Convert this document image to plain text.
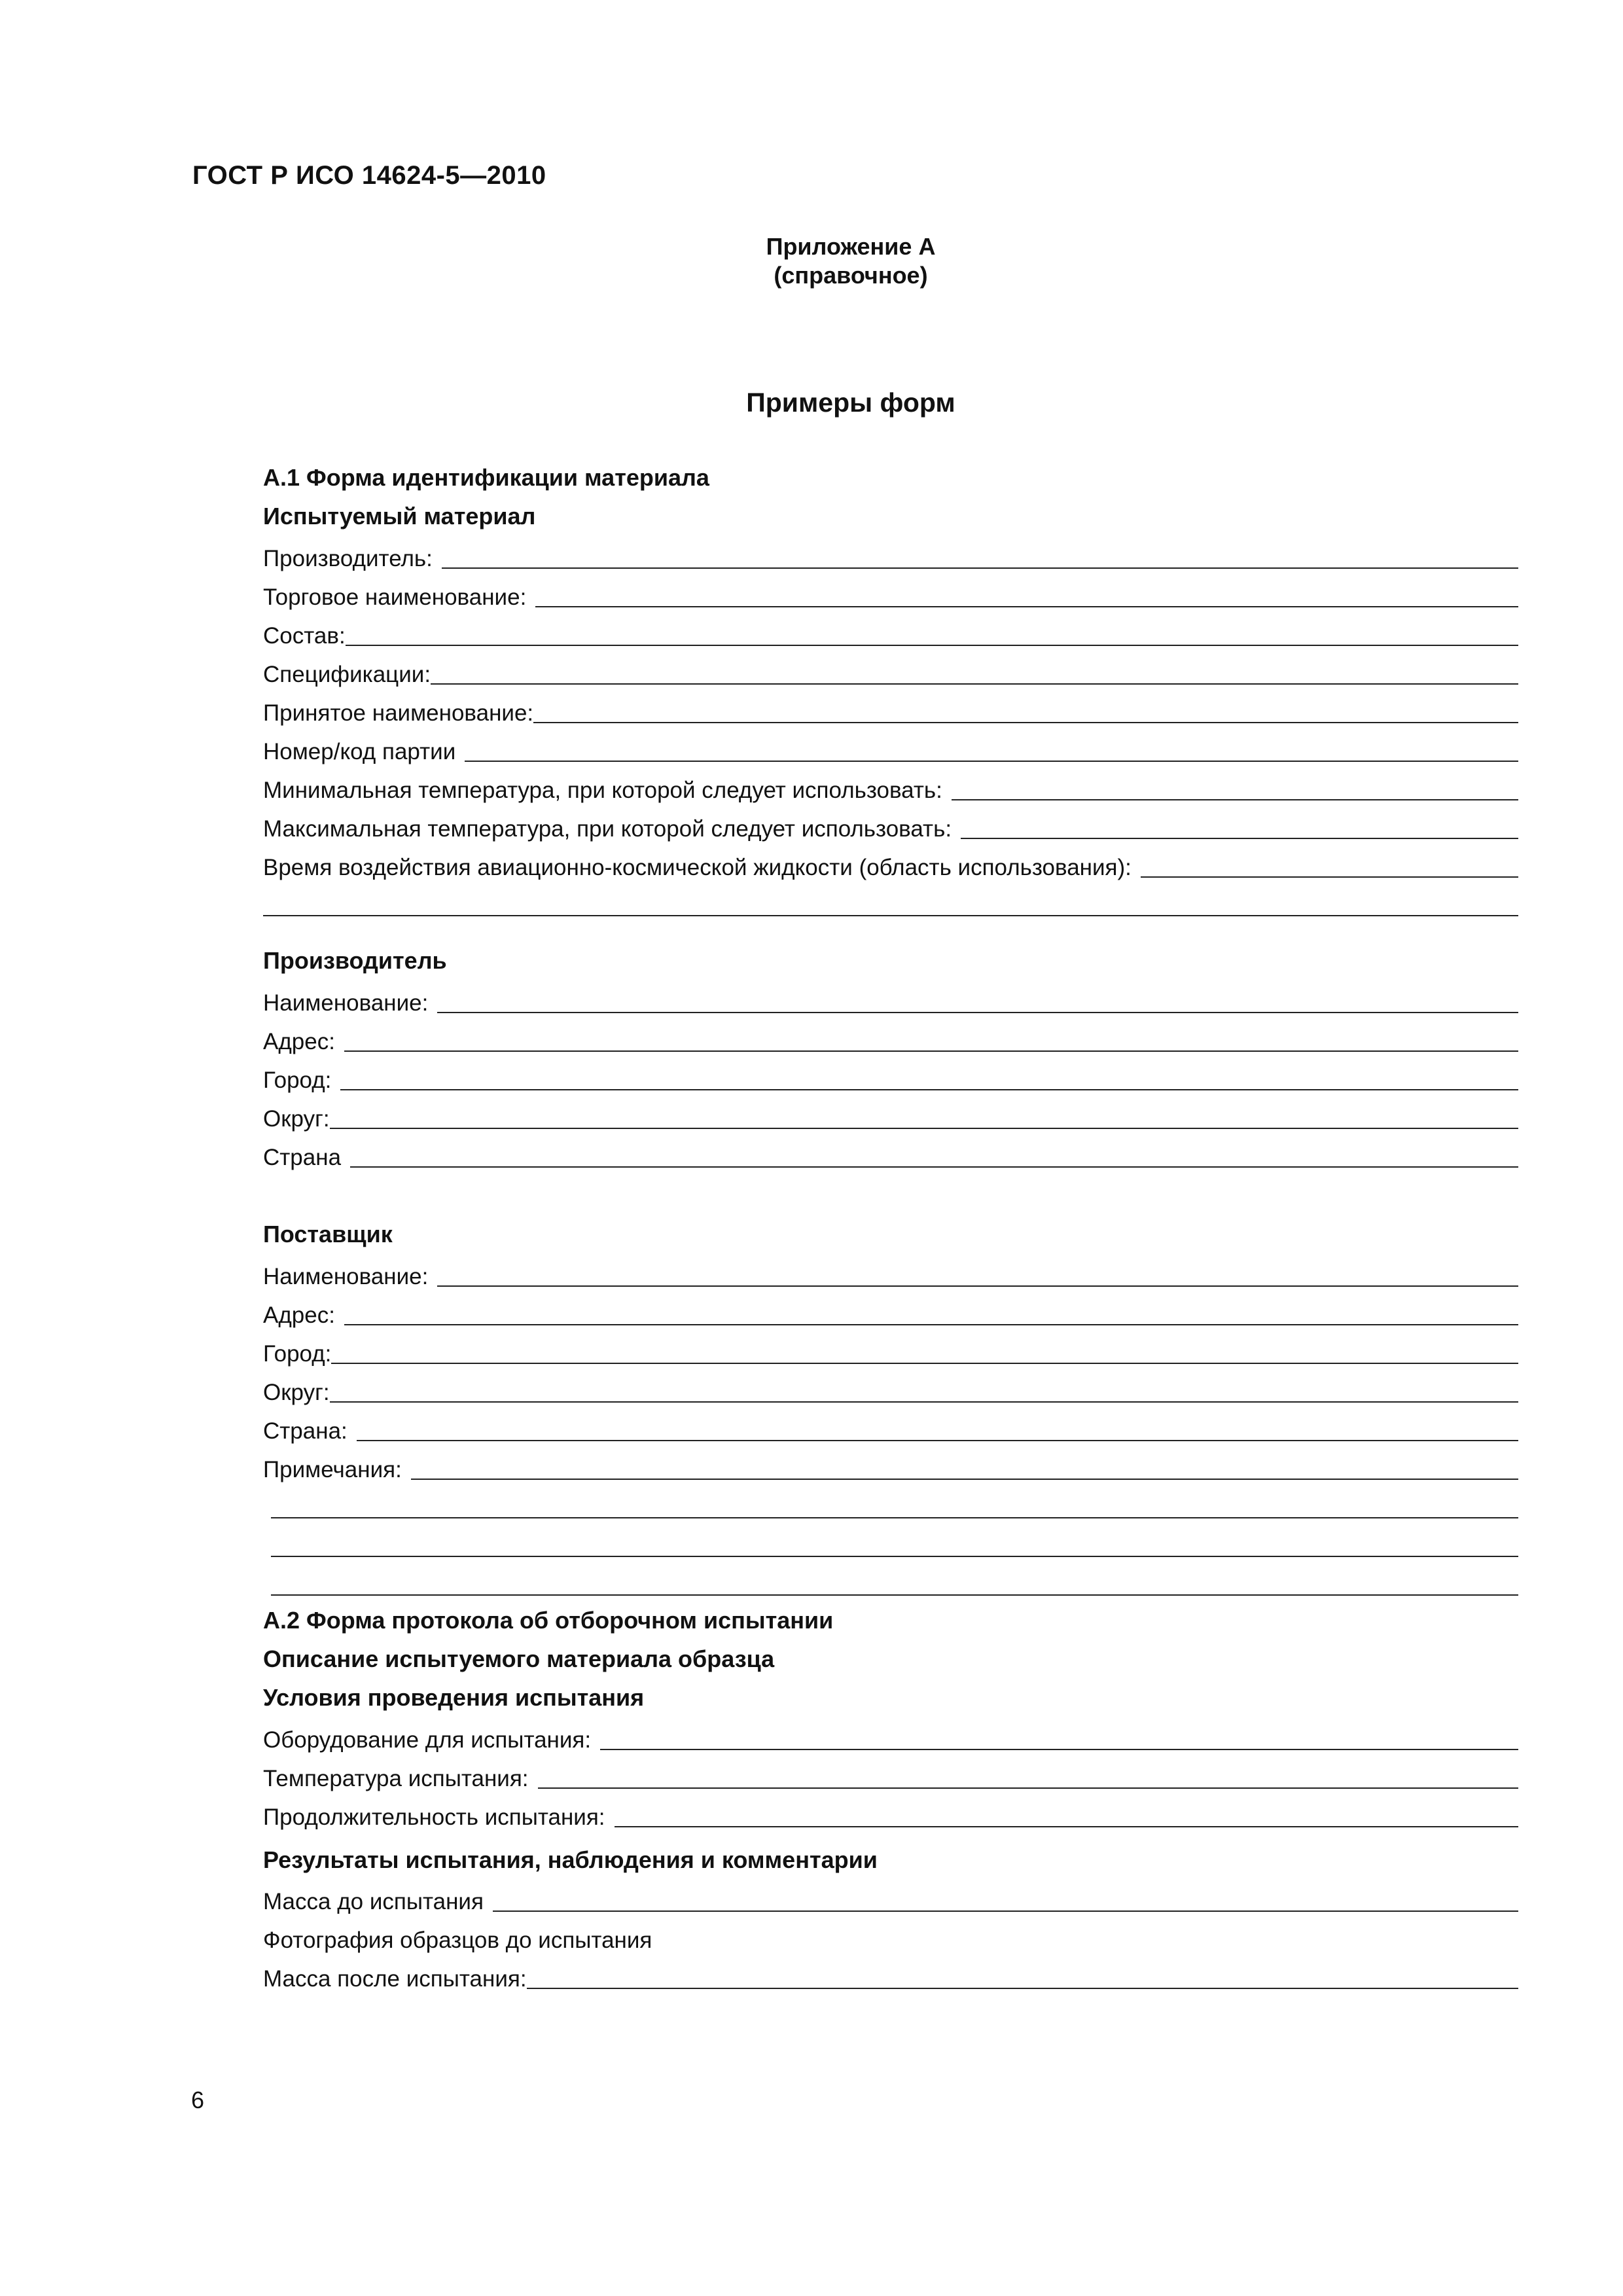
ГОСТ Р ИСО 14624-5—2010
Приложение А
(справочное)
Примеры форм
А.1 Форма идентификации материала
Испытуемый материал
Производитель:
Торговое наименование:
Состав:
Спецификации:
Принятое наименование:
Номер/код партии
Минимальная температура, при которой следует использовать:
Максимальная температура, при которой следует использовать:
Время воздействия авиационно-космической жидкости (область использования):
Производитель
Наименование:
Адрес:
Город:
Округ:
Страна
Поставщик
Наименование:
Адрес:
Город:
Округ:
Страна:
Примечания:
А.2 Форма протокола об отборочном испытании
Описание испытуемого материала образца
Условия проведения испытания
Оборудование для испытания:
Температура испытания:
Продолжительность испытания:
Результаты испытания, наблюдения и комментарии
Масса до испытания
Фотография образцов до испытания
Масса после испытания:
6
